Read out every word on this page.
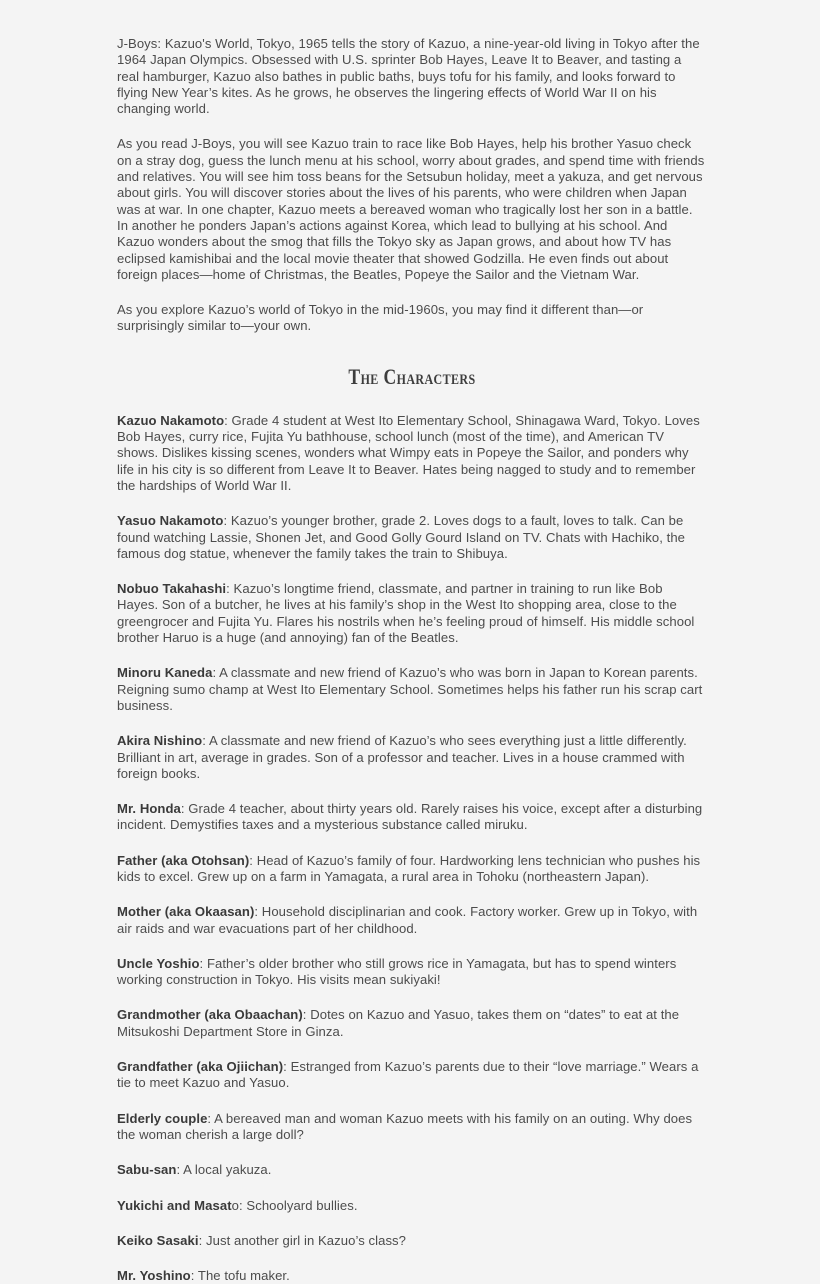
J-Boys: Kazuo's World, Tokyo, 1965 tells the story of Kazuo, a nine-year-old living in Tokyo after the 1964 Japan Olympics. Obsessed with U.S. sprinter Bob Hayes, Leave It to Beaver, and tasting a real hamburger, Kazuo also bathes in public baths, buys tofu for his family, and looks forward to flying New Year’s kites. As he grows, he observes the lingering effects of World War II on his changing world.

As you read J-Boys, you will see Kazuo train to race like Bob Hayes, help his brother Yasuo check on a stray dog, guess the lunch menu at his school, worry about grades, and spend time with friends and relatives. You will see him toss beans for the Setsubun holiday, meet a yakuza, and get nervous about girls. You will discover stories about the lives of his parents, who were children when Japan was at war. In one chapter, Kazuo meets a bereaved woman who tragically lost her son in a battle. In another he ponders Japan’s actions against Korea, which lead to bullying at his school. And Kazuo wonders about the smog that fills the Tokyo sky as Japan grows, and about how TV has eclipsed kamishibai and the local movie theater that showed Godzilla. He even finds out about foreign places—home of Christmas, the Beatles, Popeye the Sailor and the Vietnam War.

As you explore Kazuo’s world of Tokyo in the mid-1960s, you may find it different than—or surprisingly similar to—your own.

The Characters

Kazuo Nakamoto: Grade 4 student at West Ito Elementary School, Shinagawa Ward, Tokyo. Loves Bob Hayes, curry rice, Fujita Yu bathhouse, school lunch (most of the time), and American TV shows. Dislikes kissing scenes, wonders what Wimpy eats in Popeye the Sailor, and ponders why life in his city is so different from Leave It to Beaver. Hates being nagged to study and to remember the hardships of World War II.

Yasuo Nakamoto: Kazuo’s younger brother, grade 2. Loves dogs to a fault, loves to talk. Can be found watching Lassie, Shonen Jet, and Good Golly Gourd Island on TV. Chats with Hachiko, the famous dog statue, whenever the family takes the train to Shibuya.

Nobuo Takahashi: Kazuo’s longtime friend, classmate, and partner in training to run like Bob Hayes. Son of a butcher, he lives at his family’s shop in the West Ito shopping area, close to the greengrocer and Fujita Yu. Flares his nostrils when he’s feeling proud of himself. His middle school brother Haruo is a huge (and annoying) fan of the Beatles.

Minoru Kaneda: A classmate and new friend of Kazuo’s who was born in Japan to Korean parents. Reigning sumo champ at West Ito Elementary School. Sometimes helps his father run his scrap cart business.

Akira Nishino: A classmate and new friend of Kazuo’s who sees everything just a little differently. Brilliant in art, average in grades. Son of a professor and teacher. Lives in a house crammed with foreign books.

Mr. Honda: Grade 4 teacher, about thirty years old. Rarely raises his voice, except after a disturbing incident. Demystifies taxes and a mysterious substance called miruku.

Father (aka Otohsan): Head of Kazuo’s family of four. Hardworking lens technician who pushes his kids to excel. Grew up on a farm in Yamagata, a rural area in Tohoku (northeastern Japan).

Mother (aka Okaasan): Household disciplinarian and cook. Factory worker. Grew up in Tokyo, with air raids and war evacuations part of her childhood.

Uncle Yoshio: Father’s older brother who still grows rice in Yamagata, but has to spend winters working construction in Tokyo. His visits mean sukiyaki!

Grandmother (aka Obaachan): Dotes on Kazuo and Yasuo, takes them on “dates” to eat at the Mitsukoshi Department Store in Ginza.

Grandfather (aka Ojiichan): Estranged from Kazuo’s parents due to their “love marriage.” Wears a tie to meet Kazuo and Yasuo.

Elderly couple: A bereaved man and woman Kazuo meets with his family on an outing. Why does the woman cherish a large doll?

Sabu-san: A local yakuza.

Yukichi and Masato: Schoolyard bullies.

Keiko Sasaki: Just another girl in Kazuo’s class?

Mr. Yoshino: The tofu maker.
